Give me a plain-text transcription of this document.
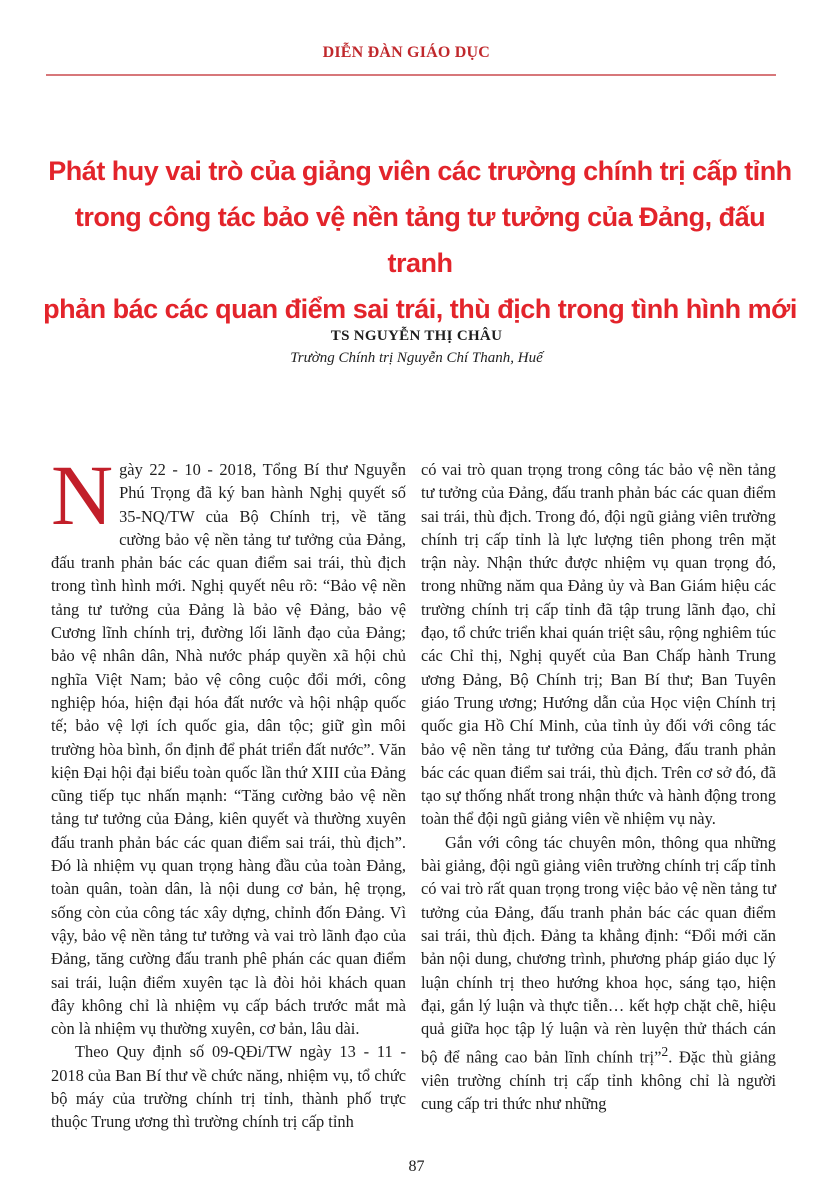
DIỄN ĐÀN GIÁO DỤC
Phát huy vai trò của giảng viên các trường chính trị cấp tỉnh
trong công tác bảo vệ nền tảng tư tưởng của Đảng, đấu tranh
phản bác các quan điểm sai trái, thù địch trong tình hình mới
TS NGUYỄN THỊ CHÂU
Trường Chính trị Nguyễn Chí Thanh, Huế

Ngày 22 - 10 - 2018, Tổng Bí thư Nguyễn Phú Trọng đã ký ban hành Nghị quyết số 35-NQ/TW của Bộ Chính trị, về tăng cường bảo vệ nền tảng tư tưởng của Đảng, đấu tranh phản bác các quan điểm sai trái, thù địch trong tình hình mới. Nghị quyết nêu rõ: “Bảo vệ nền tảng tư tưởng của Đảng là bảo vệ Đảng, bảo vệ Cương lĩnh chính trị, đường lối lãnh đạo của Đảng; bảo vệ nhân dân, Nhà nước pháp quyền xã hội chủ nghĩa Việt Nam; bảo vệ công cuộc đổi mới, công nghiệp hóa, hiện đại hóa đất nước và hội nhập quốc tế; bảo vệ lợi ích quốc gia, dân tộc; giữ gìn môi trường hòa bình, ổn định để phát triển đất nước”. Văn kiện Đại hội đại biểu toàn quốc lần thứ XIII của Đảng cũng tiếp tục nhấn mạnh: “Tăng cường bảo vệ nền tảng tư tưởng của Đảng, kiên quyết và thường xuyên đấu tranh phản bác các quan điểm sai trái, thù địch”. Đó là nhiệm vụ quan trọng hàng đầu của toàn Đảng, toàn quân, toàn dân, là nội dung cơ bản, hệ trọng, sống còn của công tác xây dựng, chỉnh đốn Đảng. Vì vậy, bảo vệ nền tảng tư tưởng và vai trò lãnh đạo của Đảng, tăng cường đấu tranh phê phán các quan điểm sai trái, luận điểm xuyên tạc là đòi hỏi khách quan đây không chỉ là nhiệm vụ cấp bách trước mắt mà còn là nhiệm vụ thường xuyên, cơ bản, lâu dài.

Theo Quy định số 09-QĐi/TW ngày 13 - 11 - 2018 của Ban Bí thư về chức năng, nhiệm vụ, tổ chức bộ máy của trường chính trị tỉnh, thành phố trực thuộc Trung ương thì trường chính trị cấp tỉnh

có vai trò quan trọng trong công tác bảo vệ nền tảng tư tưởng của Đảng, đấu tranh phản bác các quan điểm sai trái, thù địch. Trong đó, đội ngũ giảng viên trường chính trị cấp tỉnh là lực lượng tiên phong trên mặt trận này. Nhận thức được nhiệm vụ quan trọng đó, trong những năm qua Đảng ủy và Ban Giám hiệu các trường chính trị cấp tỉnh đã tập trung lãnh đạo, chỉ đạo, tổ chức triển khai quán triệt sâu, rộng nghiêm túc các Chỉ thị, Nghị quyết của Ban Chấp hành Trung ương Đảng, Bộ Chính trị; Ban Bí thư; Ban Tuyên giáo Trung ương; Hướng dẫn của Học viện Chính trị quốc gia Hồ Chí Minh, của tỉnh ủy đối với công tác bảo vệ nền tảng tư tưởng của Đảng, đấu tranh phản bác các quan điểm sai trái, thù địch. Trên cơ sở đó, đã tạo sự thống nhất trong nhận thức và hành động trong toàn thể đội ngũ giảng viên về nhiệm vụ này.

Gắn với công tác chuyên môn, thông qua những bài giảng, đội ngũ giảng viên trường chính trị cấp tỉnh có vai trò rất quan trọng trong việc bảo vệ nền tảng tư tưởng của Đảng, đấu tranh phản bác các quan điểm sai trái, thù địch. Đảng ta khẳng định: “Đổi mới căn bản nội dung, chương trình, phương pháp giáo dục lý luận chính trị theo hướng khoa học, sáng tạo, hiện đại, gắn lý luận và thực tiễn… kết hợp chặt chẽ, hiệu quả giữa học tập lý luận và rèn luyện thử thách cán bộ để nâng cao bản lĩnh chính trị”$^2$. Đặc thù giảng viên trường chính trị cấp tỉnh không chỉ là người cung cấp tri thức như những

87
